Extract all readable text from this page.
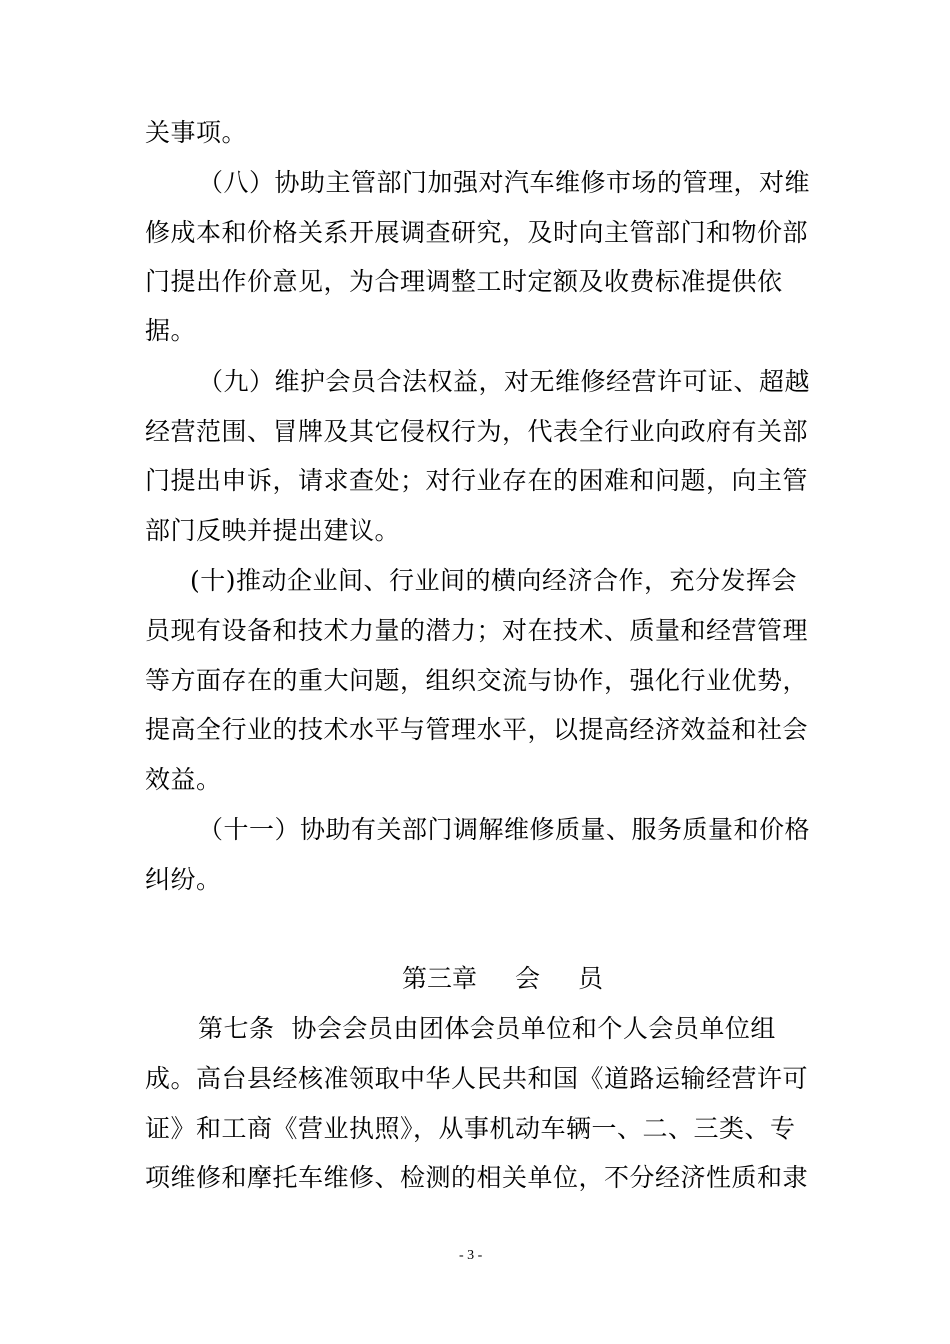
关事项。
（八）协助主管部门加强对汽车维修市场的管理，对维
修成本和价格关系开展调查研究，及时向主管部门和物价部
门提出作价意见，为合理调整工时定额及收费标准提供依
据。
（九）维护会员合法权益，对无维修经营许可证、超越
经营范围、冒牌及其它侵权行为，代表全行业向政府有关部
门提出申诉，请求查处；对行业存在的困难和问题，向主管
部门反映并提出建议。
(十)推动企业间、行业间的横向经济合作，充分发挥会
员现有设备和技术力量的潜力；对在技术、质量和经营管理
等方面存在的重大问题，组织交流与协作，强化行业优势，
提高全行业的技术水平与管理水平，以提高经济效益和社会
效益。
（十一）协助有关部门调解维修质量、服务质量和价格
纠纷。
第三章 会 员
第七条  协会会员由团体会员单位和个人会员单位组
成。高台县经核准领取中华人民共和国《道路运输经营许可
证》和工商《营业执照》，从事机动车辆一、二、三类、专
项维修和摩托车维修、检测的相关单位，不分经济性质和隶
- 3 -
